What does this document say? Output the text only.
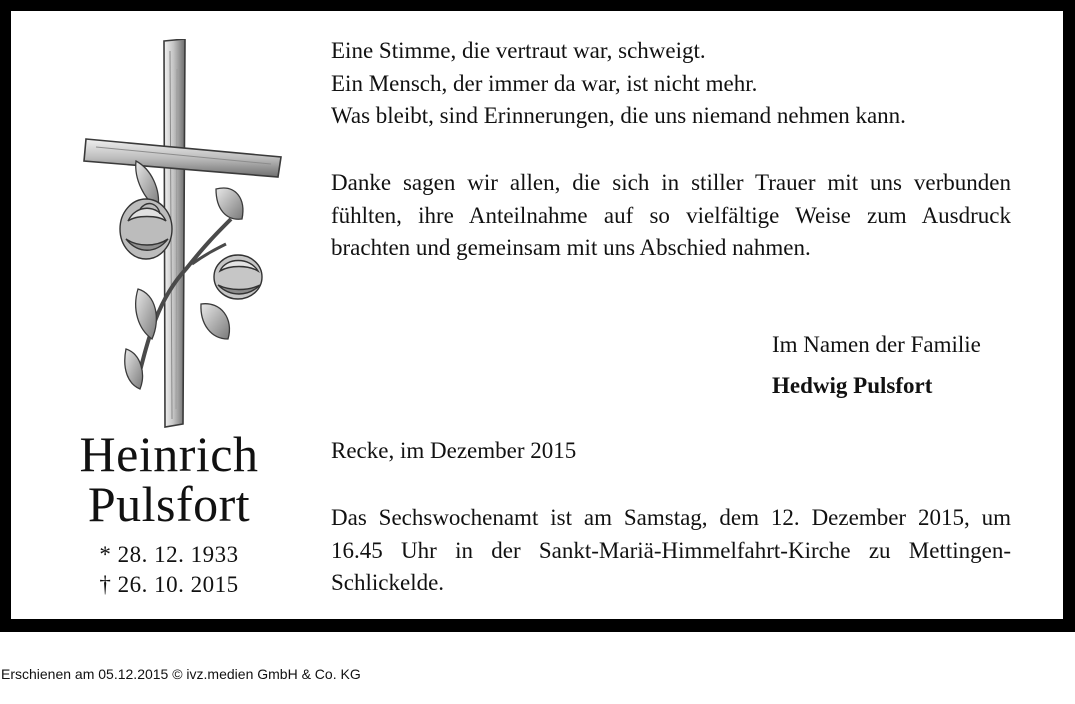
Heinrich
Pulsfort
* 28. 12. 1933
† 26. 10. 2015
Eine Stimme, die vertraut war, schweigt.
Ein Mensch, der immer da war, ist nicht mehr.
Was bleibt, sind Erinnerungen, die uns niemand nehmen kann.

Danke sagen wir allen, die sich in stiller Trauer mit uns verbunden fühlten, ihre Anteilnahme auf so vielfältige Weise zum Ausdruck brachten und gemeinsam mit uns Abschied nahmen.

Im Namen der Familie
Hedwig Pulsfort
Recke, im Dezember 2015

Das Sechswochenamt ist am Samstag, dem 12. Dezember 2015, um 16.45 Uhr in der Sankt-Mariä-Himmelfahrt-Kirche zu Mettingen-Schlickelde.

Erschienen am 05.12.2015 © ivz.medien GmbH & Co. KG
